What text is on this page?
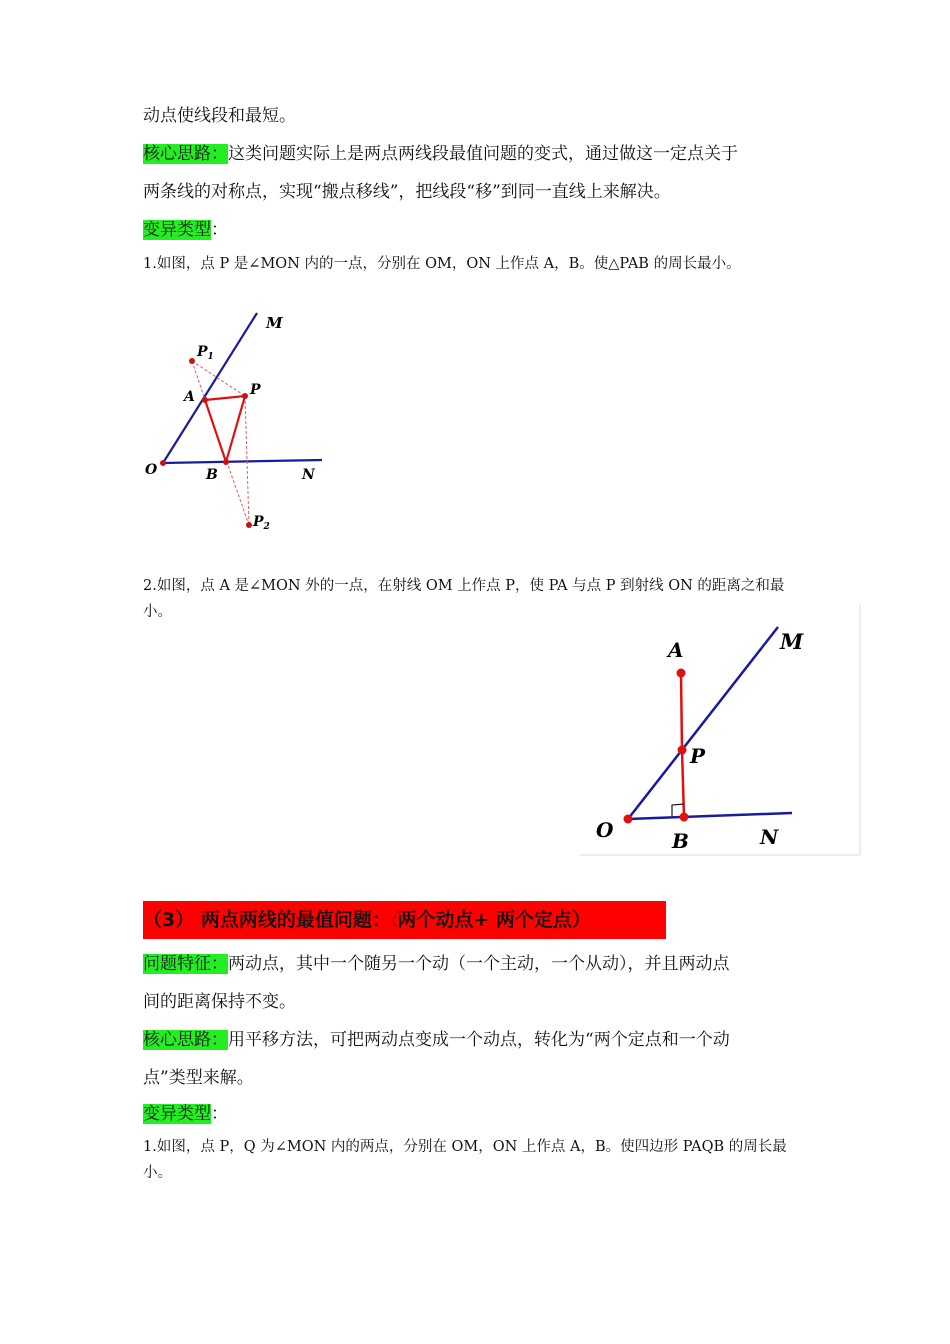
动点使线段和最短。
核心思路：这类问题实际上是两点两线段最值问题的变式，通过做这一定点关于
两条线的对称点，实现“搬点移线”，把线段“移”到同一直线上来解决。
变异类型：
1.如图，点 P 是∠MON 内的一点，分别在 OM，ON 上作点 A，B。使△PAB 的周长最小。
M
$P_1$
A	P
O	B	N
$P_2$
2.如图，点 A 是∠MON 外的一点，在射线 OM 上作点 P，使 PA 与点 P 到射线 ON 的距离之和最
小。
A	M
P
O	B	N
（3） 两点两线的最值问题：（两个动点+ 两个定点）
问题特征：两动点，其中一个随另一个动（一个主动，一个从动），并且两动点
间的距离保持不变。
核心思路：用平移方法，可把两动点变成一个动点，转化为“两个定点和一个动
点”类型来解。
变异类型：
1.如图，点 P，Q 为∠MON 内的两点，分别在 OM，ON 上作点 A，B。使四边形 PAQB 的周长最
小。
